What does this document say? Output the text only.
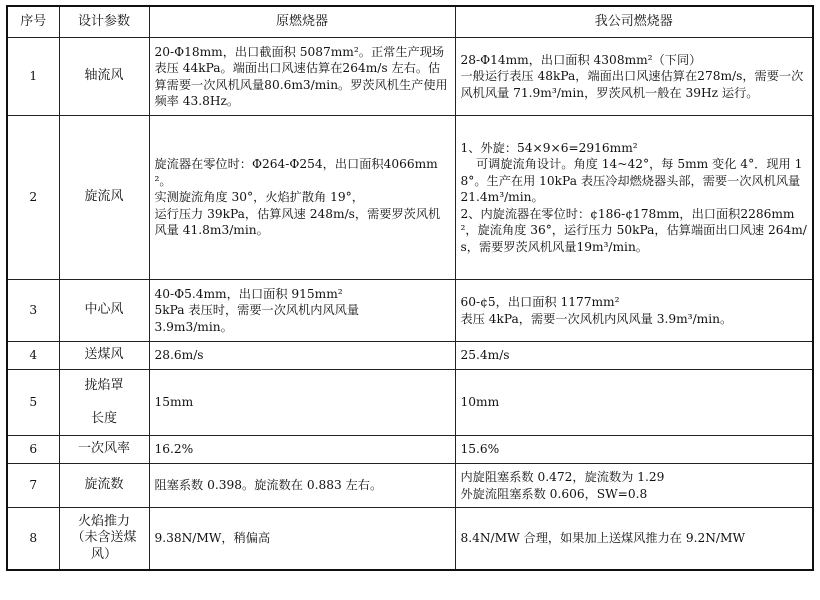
序号	设计参数	原燃烧器	我公司燃烧器
1	轴流风	20-Φ18mm，出口截面积 5087mm²。正常生产现场表压 44kPa。端面出口风速估算在264m/s 左右。估算需要一次风机风量80.6m3/min。罗茨风机生产使用频率 43.8Hz。	28-Φ14mm，出口面积 4308mm²（下同）
一般运行表压 48kPa，端面出口风速估算在278m/s，需要一次风机风量 71.9m³/min，罗茨风机一般在 39Hz 运行。
2	旋流风	旋流器在零位时：Φ264-Φ254，出口面积4066mm²。
实测旋流角度 30°，火焰扩散角 19°，
运行压力 39kPa，估算风速 248m/s，需要罗茨风机风量 41.8m3/min。	1、外旋：54×9×6=2916mm²
可调旋流角设计。角度 14~42°，每 5mm 变化 4°．现用 18°。生产在用 10kPa 表压冷却燃烧器头部，需要一次风机风量 21.4m³/min。
2、内旋流器在零位时：¢186-¢178mm，出口面积2286mm²，旋流角度 36°，运行压力 50kPa，估算端面出口风速 264m/s，需要罗茨风机风量19m³/min。
3	中心风	40-Φ5.4mm，出口面积 915mm²
5kPa 表压时，需要一次风机内风风量
3.9m3/min。	60-¢5，出口面积 1177mm²
表压 4kPa，需要一次风机内风风量 3.9m³/min。
4	送煤风	28.6m/s	25.4m/s
5	拢焰罩

长度	15mm	10mm
6	一次风率	16.2%	15.6%
7	旋流数	阻塞系数 0.398。旋流数在 0.883 左右。	内旋阻塞系数 0.472，旋流数为 1.29
外旋流阻塞系数 0.606，SW=0.8
8	火焰推力
（未含送煤风）	9.38N/MW，稍偏高	8.4N/MW 合理，如果加上送煤风推力在 9.2N/MW
